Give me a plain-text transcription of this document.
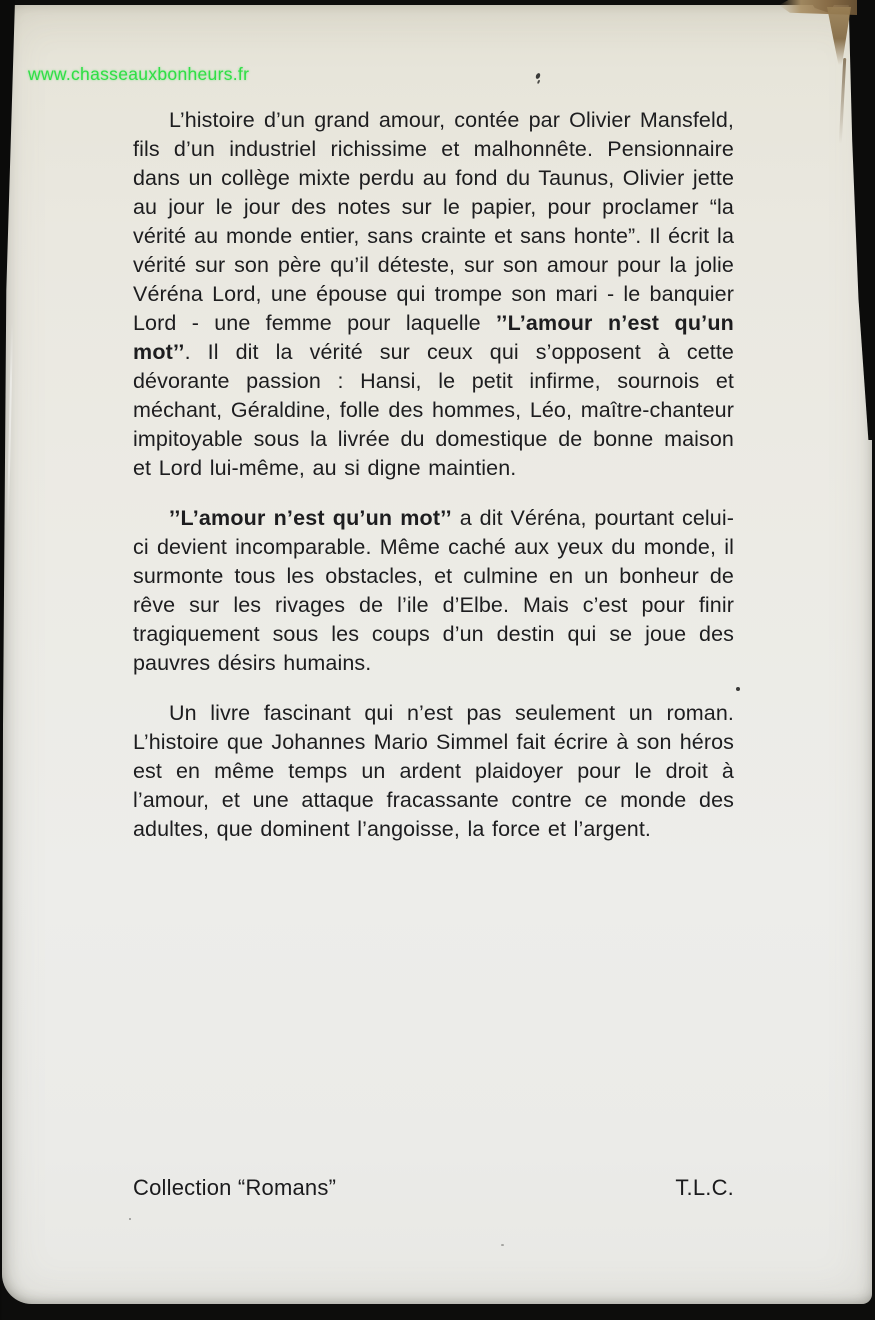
www.chasseauxbonheurs.fr

L’histoire d’un grand amour, contée par Olivier Mansfeld, fils d’un industriel richissime et malhonnête. Pensionnaire dans un collège mixte perdu au fond du Taunus, Olivier jette au jour le jour des notes sur le papier, pour proclamer “la vérité au monde entier, sans crainte et sans honte”. Il écrit la vérité sur son père qu’il déteste, sur son amour pour la jolie Véréna Lord, une épouse qui trompe son mari - le banquier Lord - une femme pour laquelle ’’L’amour n’est qu’un mot’’. Il dit la vérité sur ceux qui s’opposent à cette dévorante passion : Hansi, le petit infirme, sournois et méchant, Géraldine, folle des hommes, Léo, maître-chanteur impitoyable sous la livrée du domestique de bonne maison et Lord lui-même, au si digne maintien.

’’L’amour n’est qu’un mot’’ a dit Véréna, pourtant celui-ci devient incomparable. Même caché aux yeux du monde, il surmonte tous les obstacles, et culmine en un bonheur de rêve sur les rivages de l’ile d’Elbe. Mais c’est pour finir tragiquement sous les coups d’un destin qui se joue des pauvres désirs humains.

Un livre fascinant qui n’est pas seulement un roman. L’histoire que Johannes Mario Simmel fait écrire à son héros est en même temps un ardent plaidoyer pour le droit à l’amour, et une attaque fracassante contre ce monde des adultes, que dominent l’angoisse, la force et l’argent.

Collection “Romans”	T.L.C.
